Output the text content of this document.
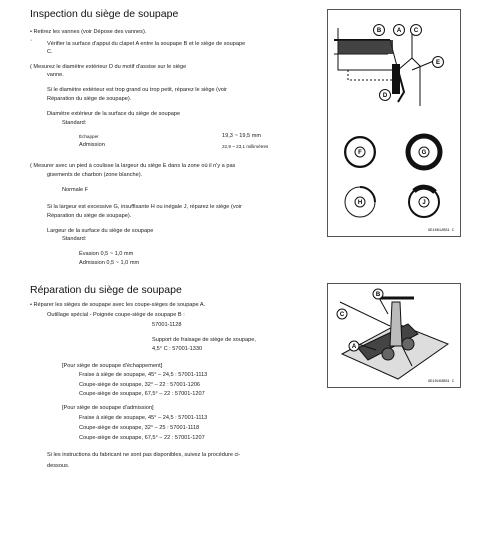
Inspection du siège de soupape
• Retirez les vannes (voir Dépose des vannes).
·	Vérifier la surface d'appui du clapet A entre la soupape B et le siège de soupape
C.
( Mesurez le diamètre extérieur D du motif d'assise sur le siège
vanne.
Si le diamètre extérieur est trop grand ou trop petit, réparez le siège (voir
Réparation du siège de soupape).
Diamètre extérieur de la surface du siège de soupape
Standard:
Échapper	19,3 ~ 19,5 mm
Admission	22,9 ~ 23,1 millimètres
( Mesurer avec un pied à coulisse la largeur du siège E dans la zone où il n'y a pas
gisements de charbon (zone blanche).
Normale F
Si la largeur est excessive G, insuffisante H ou inégale J, réparez le siège (voir
Réparation du siège de soupape).
Largeur de la surface du siège de soupape
Standard:
Évasion 0,5 ~ 1,0 mm
Admission 0,5 ~ 1,0 mm
B	A C
E
D
F	G
H	J
GE10612BS1 C
Réparation du siège de soupape
• Réparer les sièges de soupape avec les coupe-sièges de soupape A.
Outillage spécial - Poignée coupe-siège de soupape B :
57001-1128
Support de fraisage de siège de soupape,
4,5° C : 57001-1330
[Pour siège de soupape d'échappement]
Fraise à siège de soupape, 45° – 24,5 : 57001-1113
Coupe-siège de soupape, 32° – 22 : 57001-1206
Coupe-siège de soupape, 67,5° – 22 : 57001-1207
[Pour siège de soupape d'admission]
Fraise à siège de soupape, 45° – 24,5 : 57001-1113
Coupe-siège de soupape, 32° – 25 : 57001-1118
Coupe-siège de soupape, 67,5° – 22 : 57001-1207
Si les instructions du fabricant ne sont pas disponibles, suivez la procédure ci-
dessous.
B
C
A
GE10103BS1 C
